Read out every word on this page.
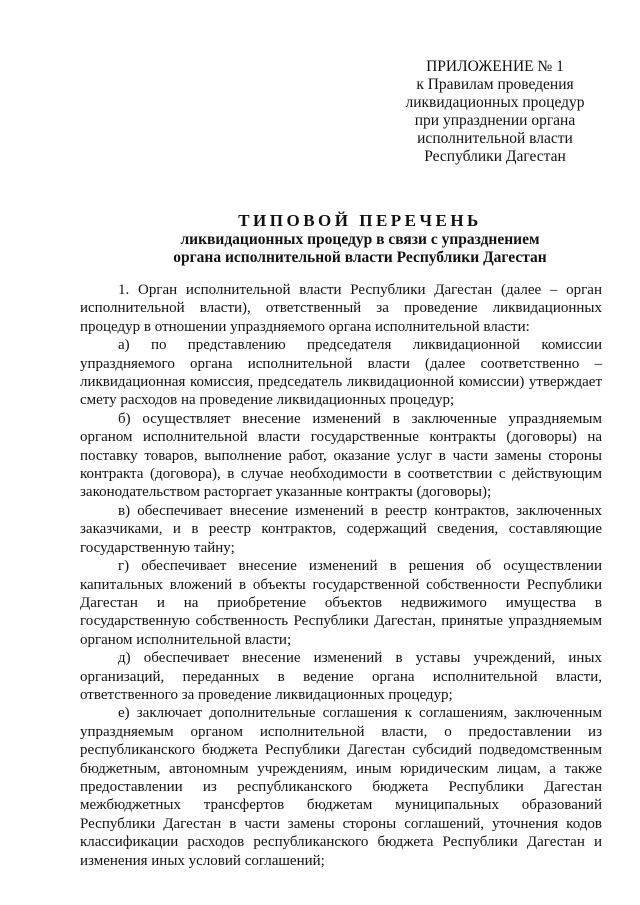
ПРИЛОЖЕНИЕ № 1
к Правилам проведения
ликвидационных процедур
при упразднении органа
исполнительной власти
Республики Дагестан
ТИПОВОЙ ПЕРЕЧЕНЬ
ликвидационных процедур в связи с упразднением
органа исполнительной власти Республики Дагестан

1. Орган исполнительной власти Республики Дагестан (далее – орган исполнительной власти), ответственный за проведение ликвидационных процедур в отношении упраздняемого органа исполнительной власти:

а) по представлению председателя ликвидационной комиссии упраздняемого органа исполнительной власти (далее соответственно – ликвидационная комиссия, председатель ликвидационной комиссии) утверждает смету расходов на проведение ликвидационных процедур;

б) осуществляет внесение изменений в заключенные упраздняемым органом исполнительной власти государственные контракты (договоры) на поставку товаров, выполнение работ, оказание услуг в части замены стороны контракта (договора), в случае необходимости в соответствии с действующим законодательством расторгает указанные контракты (договоры);

в) обеспечивает внесение изменений в реестр контрактов, заключенных заказчиками, и в реестр контрактов, содержащий сведения, составляющие государственную тайну;

г) обеспечивает внесение изменений в решения об осуществлении капитальных вложений в объекты государственной собственности Республики Дагестан и на приобретение объектов недвижимого имущества в государственную собственность Республики Дагестан, принятые упраздняемым органом исполнительной власти;

д) обеспечивает внесение изменений в уставы учреждений, иных организаций, переданных в ведение органа исполнительной власти, ответственного за проведение ликвидационных процедур;

е) заключает дополнительные соглашения к соглашениям, заключенным упраздняемым органом исполнительной власти, о предоставлении из республиканского бюджета Республики Дагестан субсидий подведомственным бюджетным, автономным учреждениям, иным юридическим лицам, а также предоставлении из республиканского бюджета Республики Дагестан межбюджетных трансфертов бюджетам муниципальных образований Республики Дагестан в части замены стороны соглашений, уточнения кодов классификации расходов республиканского бюджета Республики Дагестан и изменения иных условий соглашений;
